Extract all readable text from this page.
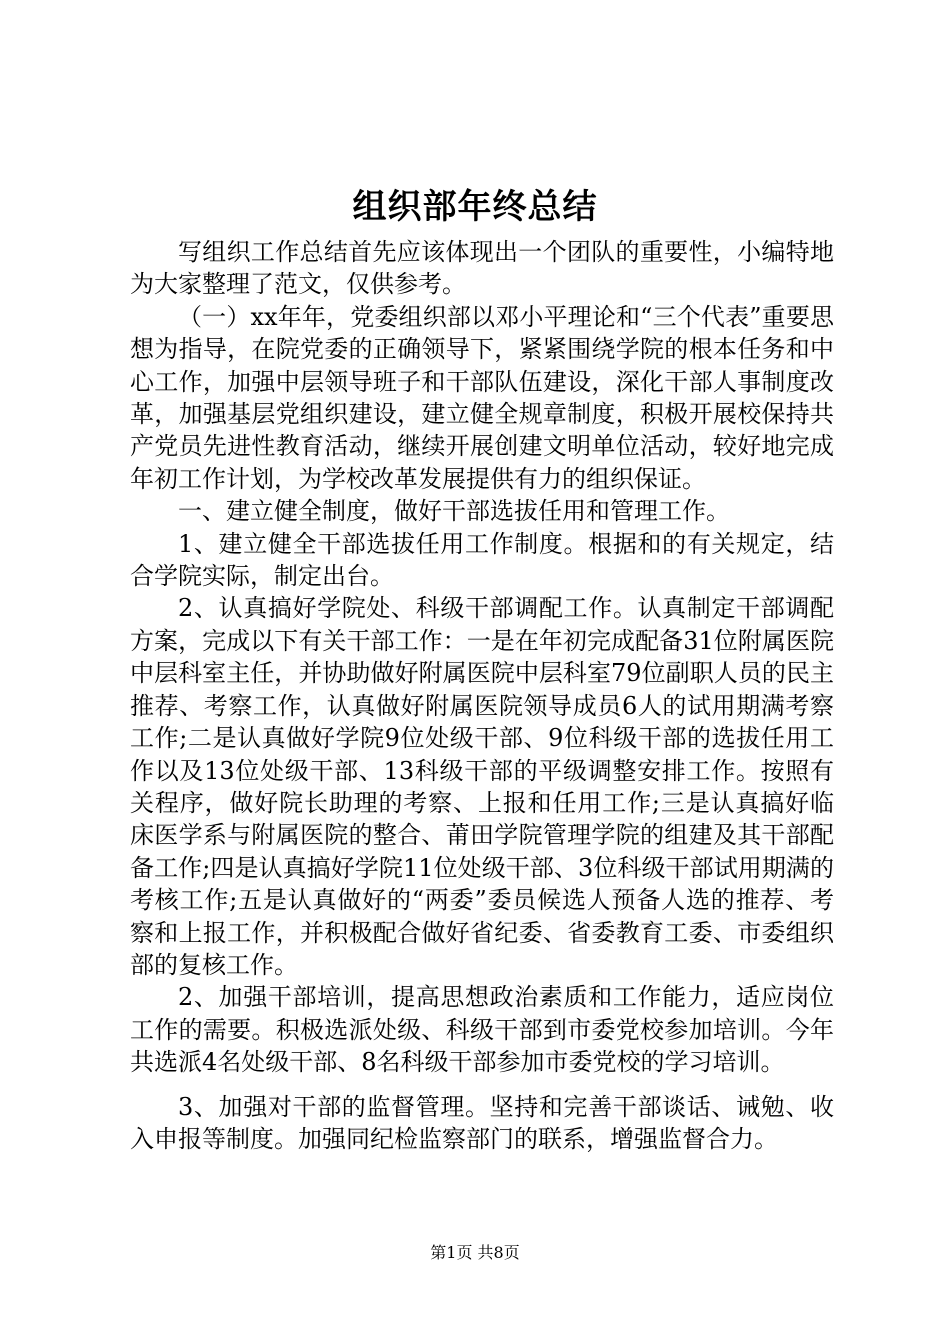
组织部年终总结

写组织工作总结首先应该体现出一个团队的重要性，小编特地为大家整理了范文，仅供参考。

（一）xx年年，党委组织部以邓小平理论和“三个代表”重要思想为指导，在院党委的正确领导下，紧紧围绕学院的根本任务和中心工作，加强中层领导班子和干部队伍建设，深化干部人事制度改革，加强基层党组织建设，建立健全规章制度，积极开展校保持共产党员先进性教育活动，继续开展创建文明单位活动，较好地完成年初工作计划，为学校改革发展提供有力的组织保证。

一、建立健全制度，做好干部选拔任用和管理工作。

1、建立健全干部选拔任用工作制度。根据和的有关规定，结合学院实际，制定出台。

2、认真搞好学院处、科级干部调配工作。认真制定干部调配方案，完成以下有关干部工作：一是在年初完成配备31位附属医院中层科室主任，并协助做好附属医院中层科室79位副职人员的民主推荐、考察工作，认真做好附属医院领导成员6人的试用期满考察工作;二是认真做好学院9位处级干部、9位科级干部的选拔任用工作以及13位处级干部、13科级干部的平级调整安排工作。按照有关程序，做好院长助理的考察、上报和任用工作;三是认真搞好临床医学系与附属医院的整合、莆田学院管理学院的组建及其干部配备工作;四是认真搞好学院11位处级干部、3位科级干部试用期满的考核工作;五是认真做好的“两委”委员候选人预备人选的推荐、考察和上报工作，并积极配合做好省纪委、省委教育工委、市委组织部的复核工作。

2、加强干部培训，提高思想政治素质和工作能力，适应岗位工作的需要。积极选派处级、科级干部到市委党校参加培训。今年共选派4名处级干部、8名科级干部参加市委党校的学习培训。

3、加强对干部的监督管理。坚持和完善干部谈话、诫勉、收入申报等制度。加强同纪检监察部门的联系，增强监督合力。

第1页 共8页
